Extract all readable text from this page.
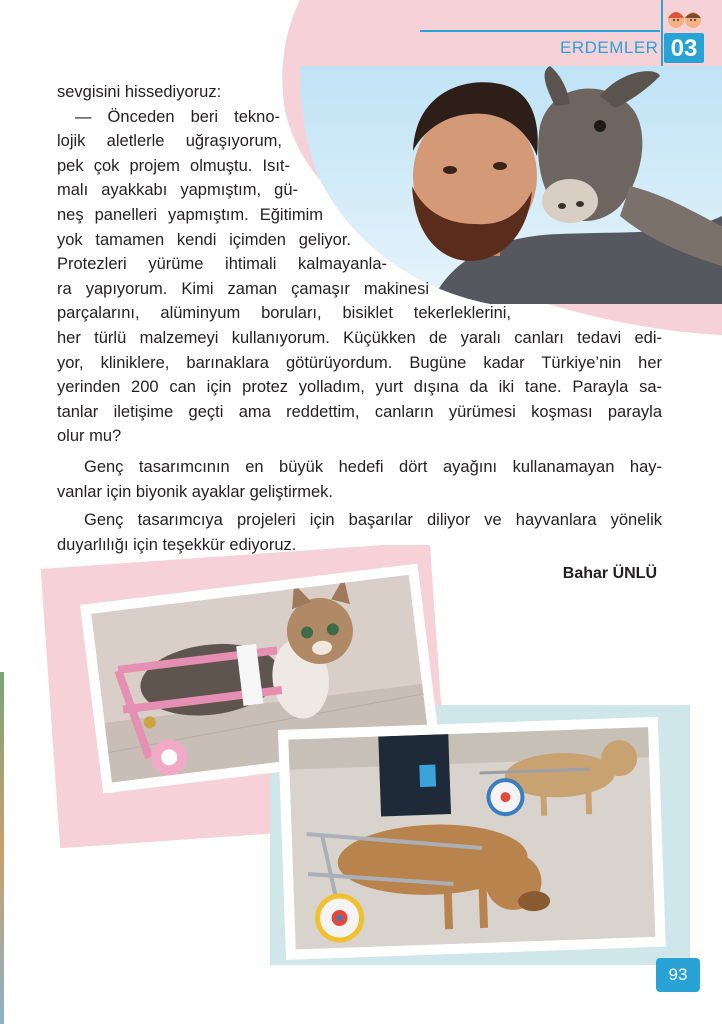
ERDEMLER 03
sevgisini hissediyoruz:
— Önceden beri tekno-
lojik aletlerle uğraşıyorum,
pek çok projem olmuştu. Isıt-
malı ayakkabı yapmıştım, gü-
neş panelleri yapmıştım. Eğitimim
yok tamamen kendi içimden geliyor.
Protezleri yürüme ihtimali kalmayanla-
ra yapıyorum. Kimi zaman çamaşır makinesi
parçalarını, alüminyum boruları, bisiklet tekerleklerini,
her türlü malzemeyi kullanıyorum. Küçükken de yaralı canları tedavi edi-
yor, kliniklere, barınaklara götürüyordum. Bugüne kadar Türkiye’nin her
yerinden 200 can için protez yolladım, yurt dışına da iki tane. Parayla sa-
tanlar iletişime geçti ama reddettim, canların yürümesi koşması parayla
olur mu?
Genç tasarımcının en büyük hedefi dört ayağını kullanamayan hay-
vanlar için biyonik ayaklar geliştirmek.
Genç tasarımcıya projeleri için başarılar diliyor ve hayvanlara yönelik
duyarlılığı için teşekkür ediyoruz.
Bahar ÜNLÜ
93
